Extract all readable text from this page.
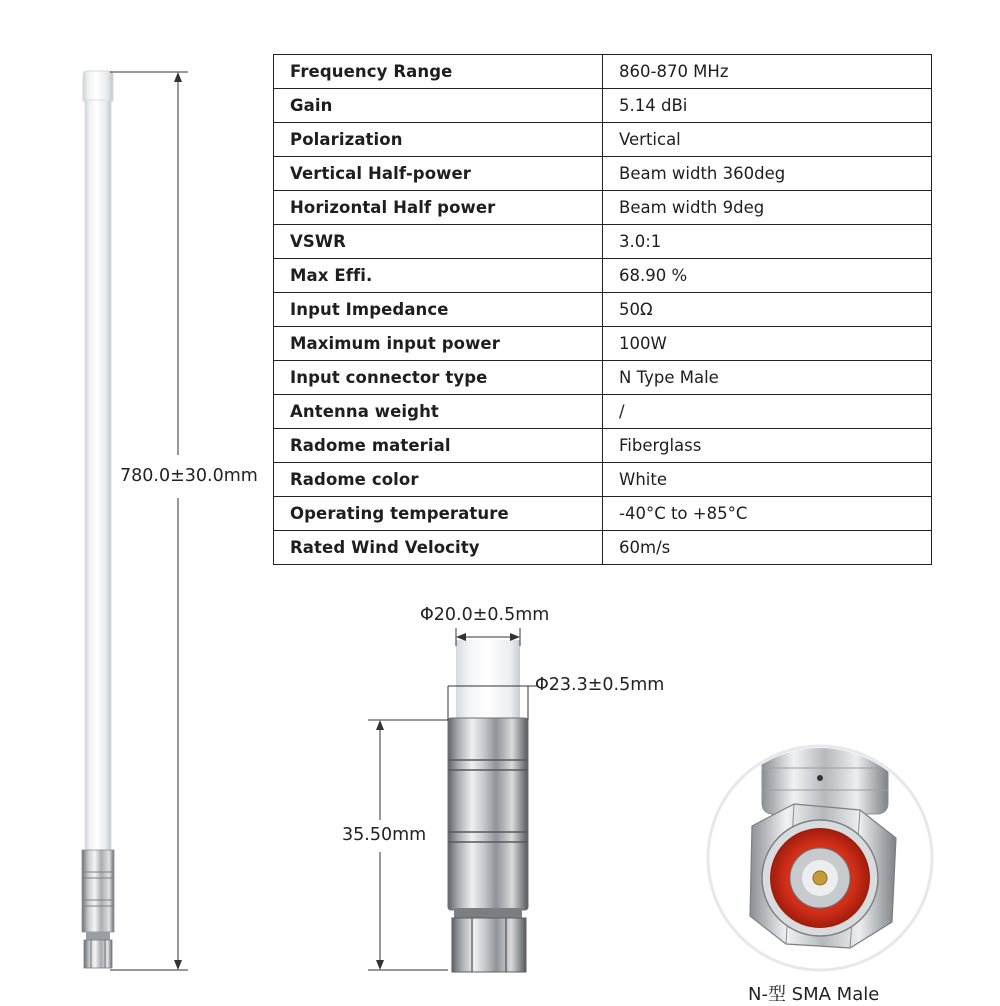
Frequency Range	860-870 MHz
Gain	5.14 dBi
Polarization	Vertical
Vertical Half-power	Beam width 360deg
Horizontal Half power	Beam width 9deg
VSWR	3.0:1
Max Effi.	68.90 %
Input Impedance	50Ω
Maximum input power	100W
Input connector type	N Type Male
Antenna weight	/
Radome material	Fiberglass
Radome color	White
Operating temperature	-40°C to +85°C
Rated Wind Velocity	60m/s
780.0±30.0mm
Φ20.0±0.5mm
Φ23.3±0.5mm
35.50mm
N-型 SMA Male
